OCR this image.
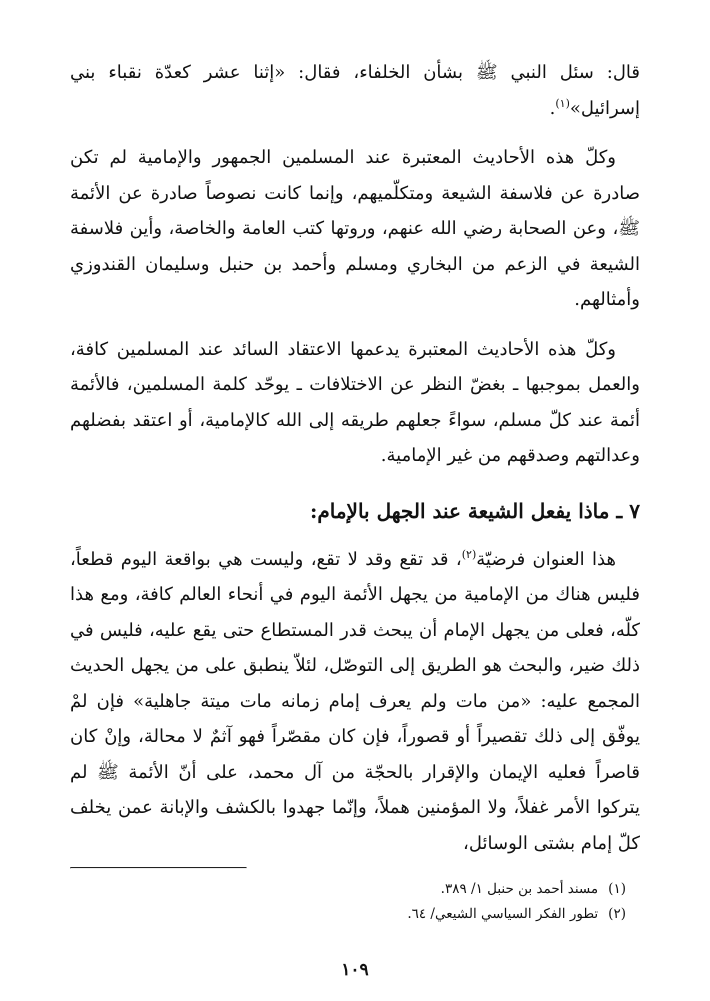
قال: سئل النبي ﷺ بشأن الخلفاء، فقال: «إثنا عشر كعدّة نقباء بني إسرائيل»$^{(١)}$.

وكلّ هذه الأحاديث المعتبرة عند المسلمين الجمهور والإمامية لم تكن صادرة عن فلاسفة الشيعة ومتكلّميهم، وإنما كانت نصوصاً صادرة عن الأئمة ﷺ، وعن الصحابة رضي الله عنهم، وروتها كتب العامة والخاصة، وأين فلاسفة الشيعة في الزعم من البخاري ومسلم وأحمد بن حنبل وسليمان القندوزي وأمثالهم.

وكلّ هذه الأحاديث المعتبرة يدعمها الاعتقاد السائد عند المسلمين كافة، والعمل بموجبها ـ بغضّ النظر عن الاختلافات ـ يوحّد كلمة المسلمين، فالأئمة أئمة عند كلّ مسلم، سواءً جعلهم طريقه إلى الله كالإمامية، أو اعتقد بفضلهم وعدالتهم وصدقهم من غير الإمامية.

٧ ـ ماذا يفعل الشيعة عند الجهل بالإمام:

هذا العنوان فرضيّة$^{(٢)}$، قد تقع وقد لا تقع، وليست هي بواقعة اليوم قطعاً، فليس هناك من الإمامية من يجهل الأئمة اليوم في أنحاء العالم كافة، ومع هذا كلّه، فعلى من يجهل الإمام أن يبحث قدر المستطاع حتى يقع عليه، فليس في ذلك ضير، والبحث هو الطريق إلى التوصّل، لئلاّ ينطبق على من يجهل الحديث المجمع عليه: «من مات ولم يعرف إمام زمانه مات ميتة جاهلية» فإن لمْ يوفّق إلى ذلك تقصيراً أو قصوراً، فإن كان مقصّراً فهو آثمٌ لا محالة، وإنْ كان قاصراً فعليه الإيمان والإقرار بالحجّة من آل محمد، على أنّ الأئمة ﷺ لم يتركوا الأمر غفلاً، ولا المؤمنين هملاً، وإنّما جهدوا بالكشف والإبانة عمن يخلف كلّ إمام بشتى الوسائل،

(١)مسند أحمد بن حنبل ١/ ٣٨٩.
(٢)تطور الفكر السياسي الشيعي/ ٦٤.
١٠٩
